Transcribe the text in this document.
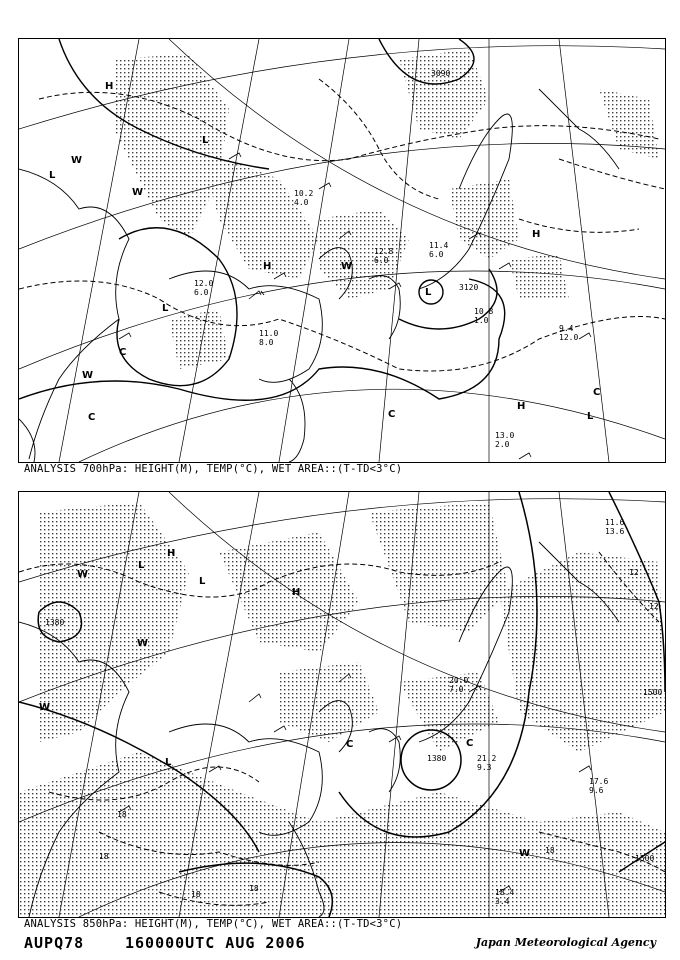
H
H
H
H
L
L
L
L
C	C
C
W
W
W
W
C
L
3090
3120
13.0
2.0
9.4
12.0
11.4
6.0
12.8
6.0
10.2
4.0
11.0
8.0
12.0
6.0
10.8
1.0
ANALYSIS 700hPa: HEIGHT(M), TEMP(°C), WET AREA::(T-TD<3°C)
H
H
L
L
L
W
W
W
C	C
W
1380
1380
1500
1500
18
18
18
18
18
12
12
18.4
3.4
17.6
9.6
20.0
7.0
21.2
9.3
11.6
13.6
ANALYSIS 850hPa: HEIGHT(M), TEMP(°C), WET AREA::(T-TD<3°C)
AUPQ78	160000UTC AUG 2006	Japan Meteorological Agency
